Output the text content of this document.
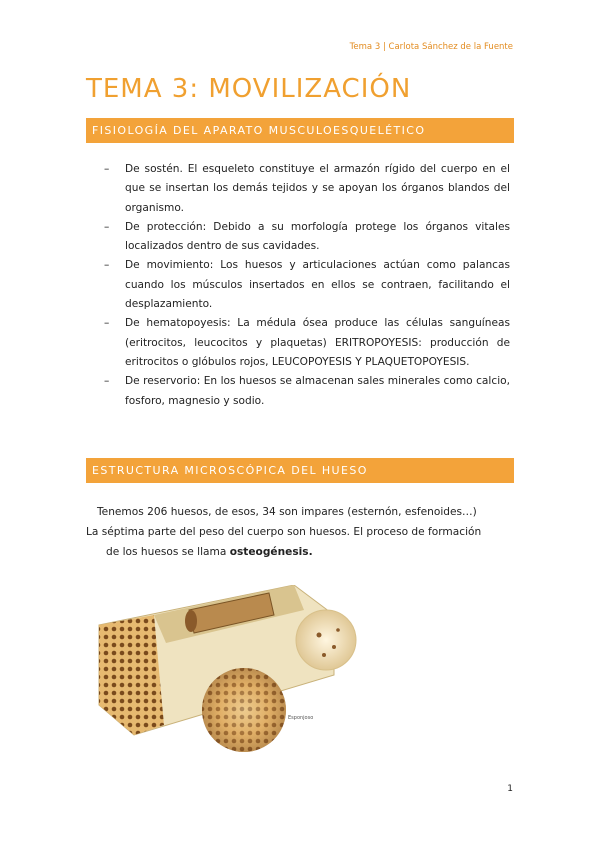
Tema 3 | Carlota Sánchez de la Fuente
TEMA 3: MOVILIZACIÓN
FISIOLOGÍA DEL APARATO MUSCULOESQUELÉTICO
– De sostén. El esqueleto constituye el armazón rígido del cuerpo en el que se insertan los demás tejidos y se apoyan los órganos blandos del organismo.
– De protección: Debido a su morfología protege los órganos vitales localizados dentro de sus cavidades.
– De movimiento: Los huesos y articulaciones actúan como palancas cuando los músculos insertados en ellos se contraen, facilitando el desplazamiento.
– De hematopoyesis: La médula ósea produce las células sanguíneas (eritrocitos, leucocitos y plaquetas) ERITROPOYESIS: producción de eritrocitos o glóbulos rojos, LEUCOPOYESIS Y PLAQUETOPOYESIS.
– De reservorio: En los huesos se almacenan sales minerales como calcio, fosforo, magnesio y sodio.
ESTRUCTURA MICROSCÓPICA DEL HUESO

Tenemos 206 huesos, de esos, 34 son impares (esternón, esfenoides…)

La séptima parte del peso del cuerpo son huesos. El proceso de formación
de los huesos se llama osteogénesis.

Esponjoso
1
